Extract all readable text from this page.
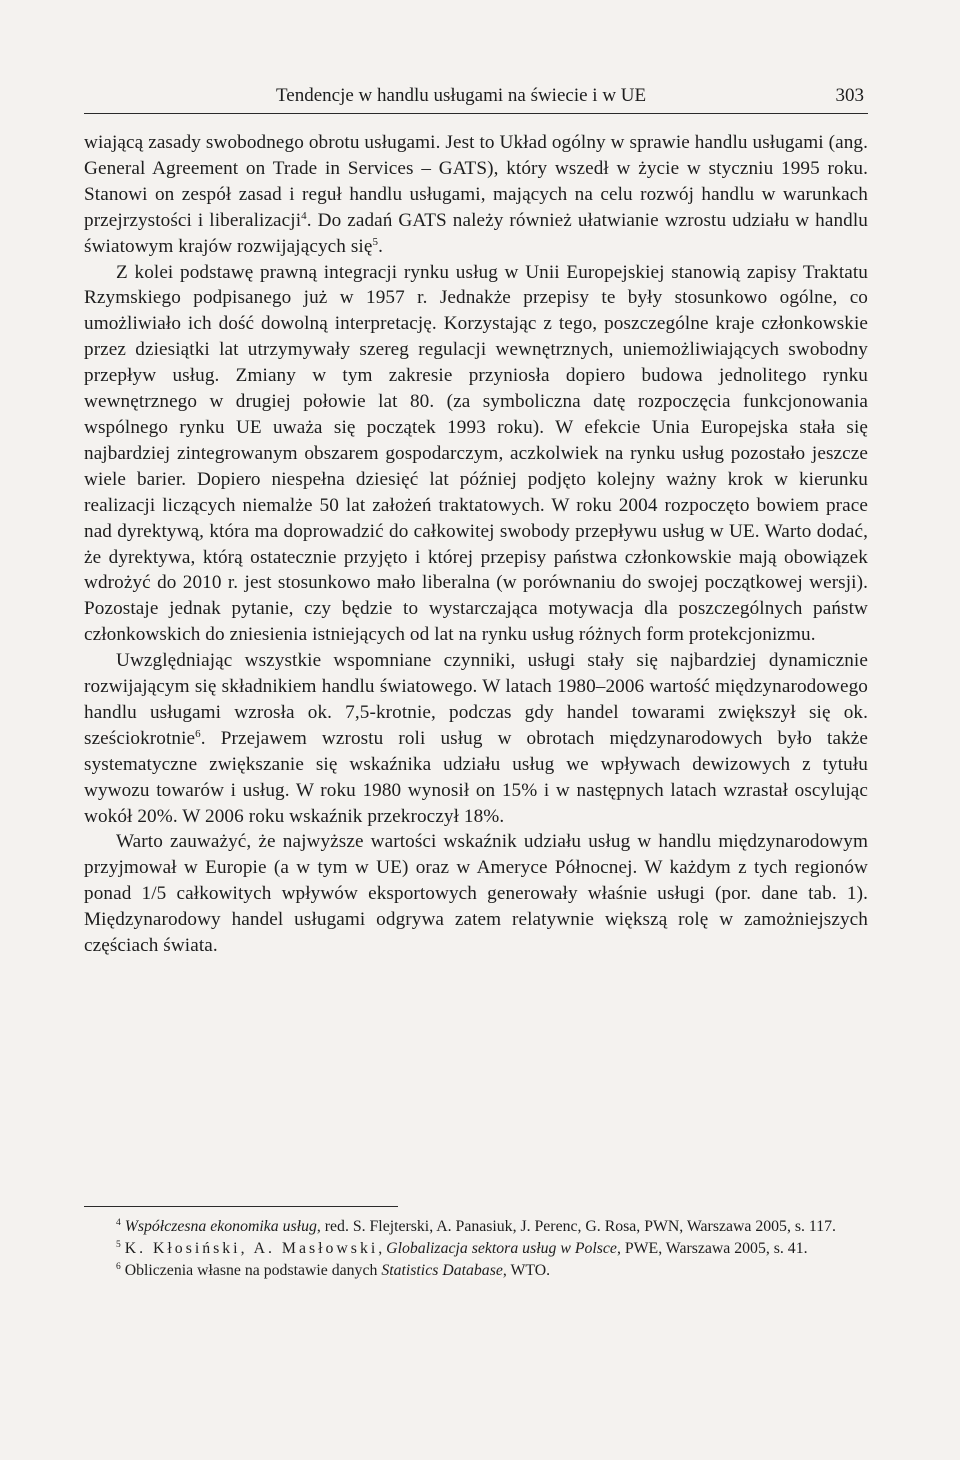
Tendencje w handlu usługami na świecie i w UE	303

wiającą zasady swobodnego obrotu usługami. Jest to Układ ogólny w sprawie handlu usługami (ang. General Agreement on Trade in Services – GATS), który wszedł w życie w styczniu 1995 roku. Stanowi on zespół zasad i reguł handlu usługami, mających na celu rozwój handlu w warunkach przejrzystości i liberalizacji$^4$. Do zadań GATS należy również ułatwianie wzrostu udziału w handlu światowym krajów rozwijających się$^5$.

Z kolei podstawę prawną integracji rynku usług w Unii Europejskiej stanowią zapisy Traktatu Rzymskiego podpisanego już w 1957 r. Jednakże przepisy te były stosunkowo ogólne, co umożliwiało ich dość dowolną interpretację. Korzystając z tego, poszczególne kraje członkowskie przez dziesiątki lat utrzymywały szereg regulacji wewnętrznych, uniemożliwiających swobodny przepływ usług. Zmiany w tym zakresie przyniosła dopiero budowa jednolitego rynku wewnętrznego w drugiej połowie lat 80. (za symboliczna datę rozpoczęcia funkcjonowania wspólnego rynku UE uważa się początek 1993 roku). W efekcie Unia Europejska stała się najbardziej zintegrowanym obszarem gospodarczym, aczkolwiek na rynku usług pozostało jeszcze wiele barier. Dopiero niespełna dziesięć lat później podjęto kolejny ważny krok w kierunku realizacji liczących niemalże 50 lat założeń traktatowych. W roku 2004 rozpoczęto bowiem prace nad dyrektywą, która ma doprowadzić do całkowitej swobody przepływu usług w UE. Warto dodać, że dyrektywa, którą ostatecznie przyjęto i której przepisy państwa członkowskie mają obowiązek wdrożyć do 2010 r. jest stosunkowo mało liberalna (w porównaniu do swojej początkowej wersji). Pozostaje jednak pytanie, czy będzie to wystarczająca motywacja dla poszczególnych państw członkowskich do zniesienia istniejących od lat na rynku usług różnych form protekcjonizmu.

Uwzględniając wszystkie wspomniane czynniki, usługi stały się najbardziej dynamicznie rozwijającym się składnikiem handlu światowego. W latach 1980–2006 wartość międzynarodowego handlu usługami wzrosła ok. 7,5-krotnie, podczas gdy handel towarami zwiększył się ok. sześciokrotnie$^6$. Przejawem wzrostu roli usług w obrotach międzynarodowych było także systematyczne zwiększanie się wskaźnika udziału usług we wpływach dewizowych z tytułu wywozu towarów i usług. W roku 1980 wynosił on 15% i w następnych latach wzrastał oscylując wokół 20%. W 2006 roku wskaźnik przekroczył 18%.

Warto zauważyć, że najwyższe wartości wskaźnik udziału usług w handlu międzynarodowym przyjmował w Europie (a w tym w UE) oraz w Ameryce Północnej. W każdym z tych regionów ponad 1/5 całkowitych wpływów eksportowych generowały właśnie usługi (por. dane tab. 1). Międzynarodowy handel usługami odgrywa zatem relatywnie większą rolę w zamożniejszych częściach świata.

$^4$ Współczesna ekonomika usług, red. S. Flejterski, A. Panasiuk, J. Perenc, G. Rosa, PWN, Warszawa 2005, s. 117.

$^5$ K. Kłosiński, A. Masłowski, Globalizacja sektora usług w Polsce, PWE, Warszawa 2005, s. 41.

$^6$ Obliczenia własne na podstawie danych Statistics Database, WTO.
